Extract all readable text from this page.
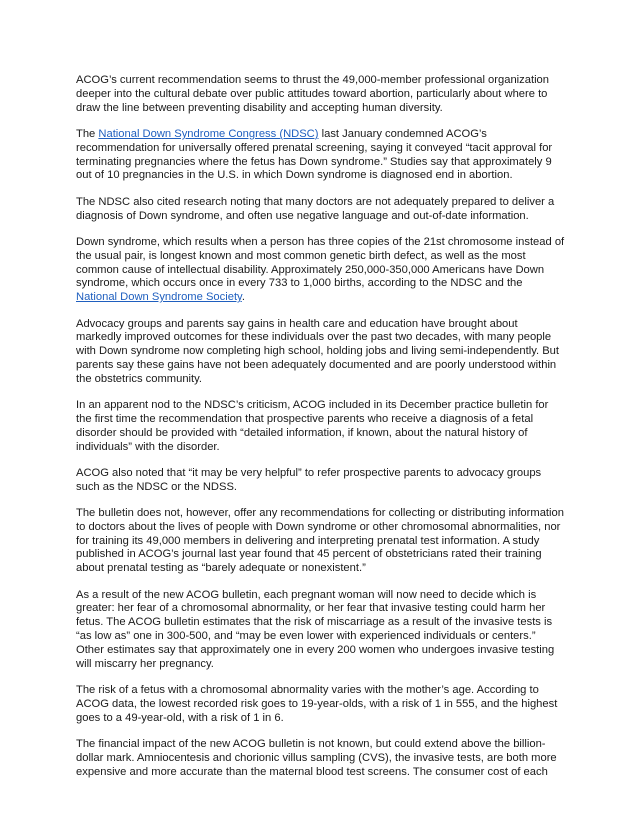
ACOG’s current recommendation seems to thrust the 49,000-member professional organization deeper into the cultural debate over public attitudes toward abortion, particularly about where to draw the line between preventing disability and accepting human diversity.

The National Down Syndrome Congress (NDSC) last January condemned ACOG’s recommendation for universally offered prenatal screening, saying it conveyed “tacit approval for terminating pregnancies where the fetus has Down syndrome.” Studies say that approximately 9 out of 10 pregnancies in the U.S. in which Down syndrome is diagnosed end in abortion.

The NDSC also cited research noting that many doctors are not adequately prepared to deliver a diagnosis of Down syndrome, and often use negative language and out-of-date information.

Down syndrome, which results when a person has three copies of the 21st chromosome instead of the usual pair, is longest known and most common genetic birth defect, as well as the most common cause of intellectual disability. Approximately 250,000-350,000 Americans have Down syndrome, which occurs once in every 733 to 1,000 births, according to the NDSC and the National Down Syndrome Society.

Advocacy groups and parents say gains in health care and education have brought about markedly improved outcomes for these individuals over the past two decades, with many people with Down syndrome now completing high school, holding jobs and living semi-independently. But parents say these gains have not been adequately documented and are poorly understood within the obstetrics community.

In an apparent nod to the NDSC’s criticism, ACOG included in its December practice bulletin for the first time the recommendation that prospective parents who receive a diagnosis of a fetal disorder should be provided with “detailed information, if known, about the natural history of individuals” with the disorder.

ACOG also noted that “it may be very helpful” to refer prospective parents to advocacy groups such as the NDSC or the NDSS.

The bulletin does not, however, offer any recommendations for collecting or distributing information to doctors about the lives of people with Down syndrome or other chromosomal abnormalities, nor for training its 49,000 members in delivering and interpreting prenatal test information. A study published in ACOG’s journal last year found that 45 percent of obstetricians rated their training about prenatal testing as “barely adequate or nonexistent.”

As a result of the new ACOG bulletin, each pregnant woman will now need to decide which is greater: her fear of a chromosomal abnormality, or her fear that invasive testing could harm her fetus. The ACOG bulletin estimates that the risk of miscarriage as a result of the invasive tests is “as low as” one in 300-500, and “may be even lower with experienced individuals or centers.” Other estimates say that approximately one in every 200 women who undergoes invasive testing will miscarry her pregnancy.

The risk of a fetus with a chromosomal abnormality varies with the mother’s age. According to ACOG data, the lowest recorded risk goes to 19-year-olds, with a risk of 1 in 555, and the highest goes to a 49-year-old, with a risk of 1 in 6.

The financial impact of the new ACOG bulletin is not known, but could extend above the billion-dollar mark. Amniocentesis and chorionic villus sampling (CVS), the invasive tests, are both more expensive and more accurate than the maternal blood test screens. The consumer cost of each
